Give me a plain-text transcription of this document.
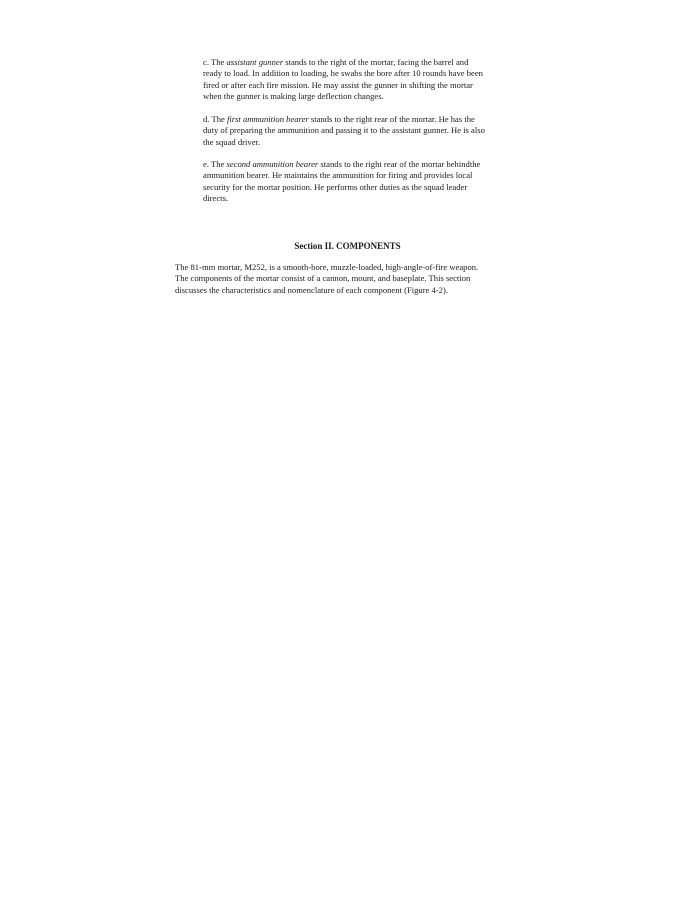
c. The assistant gunner stands to the right of the mortar, facing the barrel and
ready to load. In addition to loading, he swabs the bore after 10 rounds have been
fired or after each fire mission. He may assist the gunner in shifting the mortar
when the gunner is making large deflection changes.

d. The first ammunition bearer stands to the right rear of the mortar. He has the
duty of preparing the ammunition and passing it to the assistant gunner. He is also
the squad driver.

e. The second ammunition bearer stands to the right rear of the mortar behindthe
ammunition bearer. He maintains the ammunition for firing and provides local
security for the mortar position. He performs other duties as the squad leader
directs.

Section II. COMPONENTS

The 81-mm mortar, M252, is a smooth-bore, muzzle-loaded, high-angle-of-fire weapon.
The components of the mortar consist of a cannon, mount, and baseplate. This section
discusses the characteristics and nomenclature of each component (Figure 4-2).
